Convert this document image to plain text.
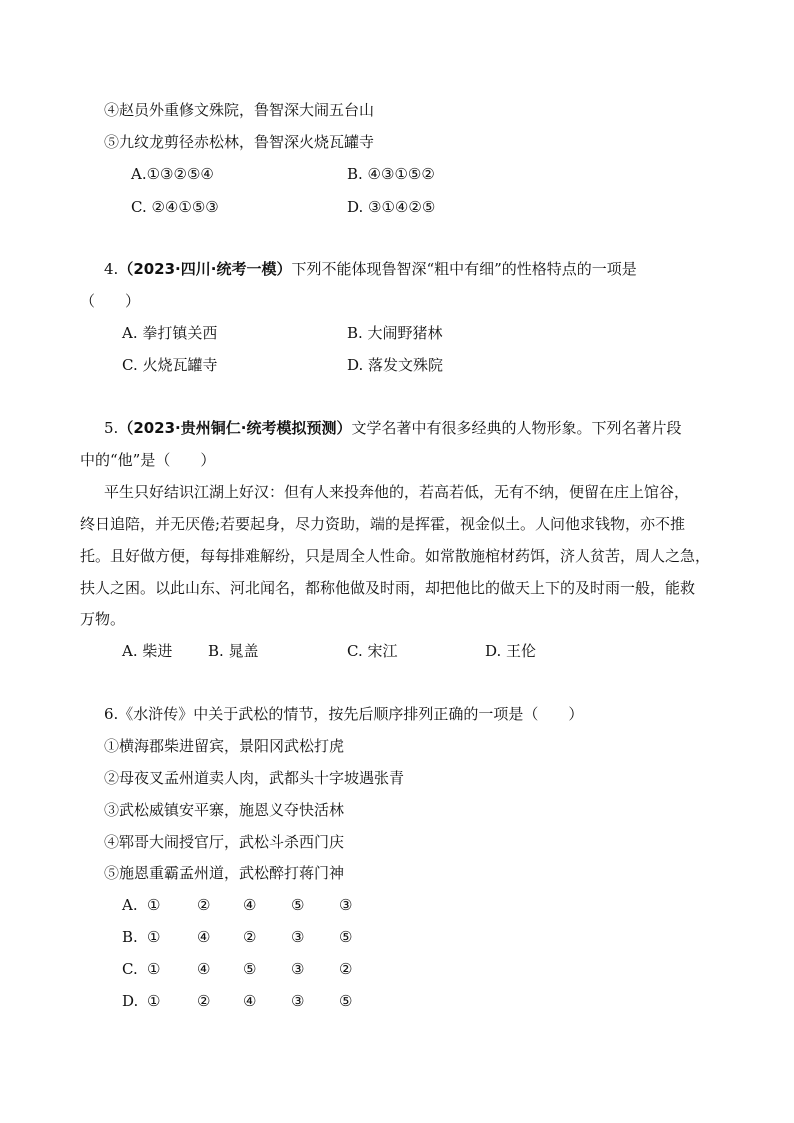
④赵员外重修文殊院，鲁智深大闹五台山
⑤九纹龙剪径赤松林，鲁智深火烧瓦罐寺
A.①③②⑤④	B. ④③①⑤②
C. ②④①⑤③	D. ③①④②⑤
4.（2023·四川·统考一模）下列不能体现鲁智深“粗中有细”的性格特点的一项是
（　　）
A. 拳打镇关西	B. 大闹野猪林
C. 火烧瓦罐寺	D. 落发文殊院
5.（2023·贵州铜仁·统考模拟预测）文学名著中有很多经典的人物形象。下列名著片段
中的“他”是（　　）
平生只好结识江湖上好汉：但有人来投奔他的，若高若低，无有不纳，便留在庄上馆谷，
终日追陪，并无厌倦;若要起身，尽力资助，端的是挥霍，视金似土。人问他求钱物，亦不推
托。且好做方便，每每排难解纷，只是周全人性命。如常散施棺材药饵，济人贫苦，周人之急，
扶人之困。以此山东、河北闻名，都称他做及时雨，却把他比的做天上下的及时雨一般，能救
万物。
A. 柴进 B. 晁盖	C. 宋江	D. 王伦
6.《水浒传》中关于武松的情节，按先后顺序排列正确的一项是（　　）
①横海郡柴进留宾，景阳冈武松打虎
②母夜叉孟州道卖人肉，武都头十字坡遇张青
③武松威镇安平寨，施恩义夺快活林
④郓哥大闹授官厅，武松斗杀西门庆
⑤施恩重霸孟州道，武松醉打蒋门神
A. ① ② ④ ⑤ ③
B. ① ④ ② ③ ⑤
C. ① ④ ⑤ ③ ②
D. ① ② ④ ③ ⑤
